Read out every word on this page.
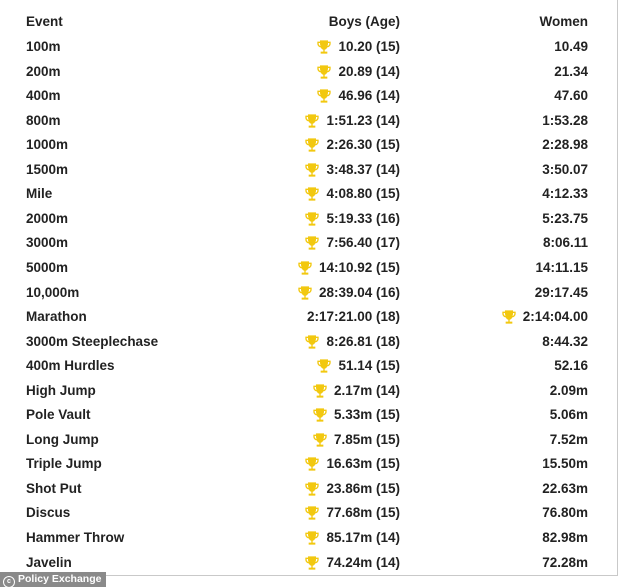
Event	Boys (Age)	Women
100m	10.20 (15)	10.49
200m	20.89 (14)	21.34
400m	46.96 (14)	47.60
800m	1:51.23 (14)	1:53.28
1000m	2:26.30 (15)	2:28.98
1500m	3:48.37 (14)	3:50.07
Mile	4:08.80 (15)	4:12.33
2000m	5:19.33 (16)	5:23.75
3000m	7:56.40 (17)	8:06.11
5000m	14:10.92 (15)	14:11.15
10,000m	28:39.04 (16)	29:17.45
Marathon	2:17:21.00 (18)	2:14:04.00
3000m Steeplechase	8:26.81 (18)	8:44.32
400m Hurdles	51.14 (15)	52.16
High Jump	2.17m (14)	2.09m
Pole Vault	5.33m (15)	5.06m
Long Jump	7.85m (15)	7.52m
Triple Jump	16.63m (15)	15.50m
Shot Put	23.86m (15)	22.63m
Discus	77.68m (15)	76.80m
Hammer Throw	85.17m (14)	82.98m
Javelin	74.24m (14)	72.28m
c Policy Exchange
